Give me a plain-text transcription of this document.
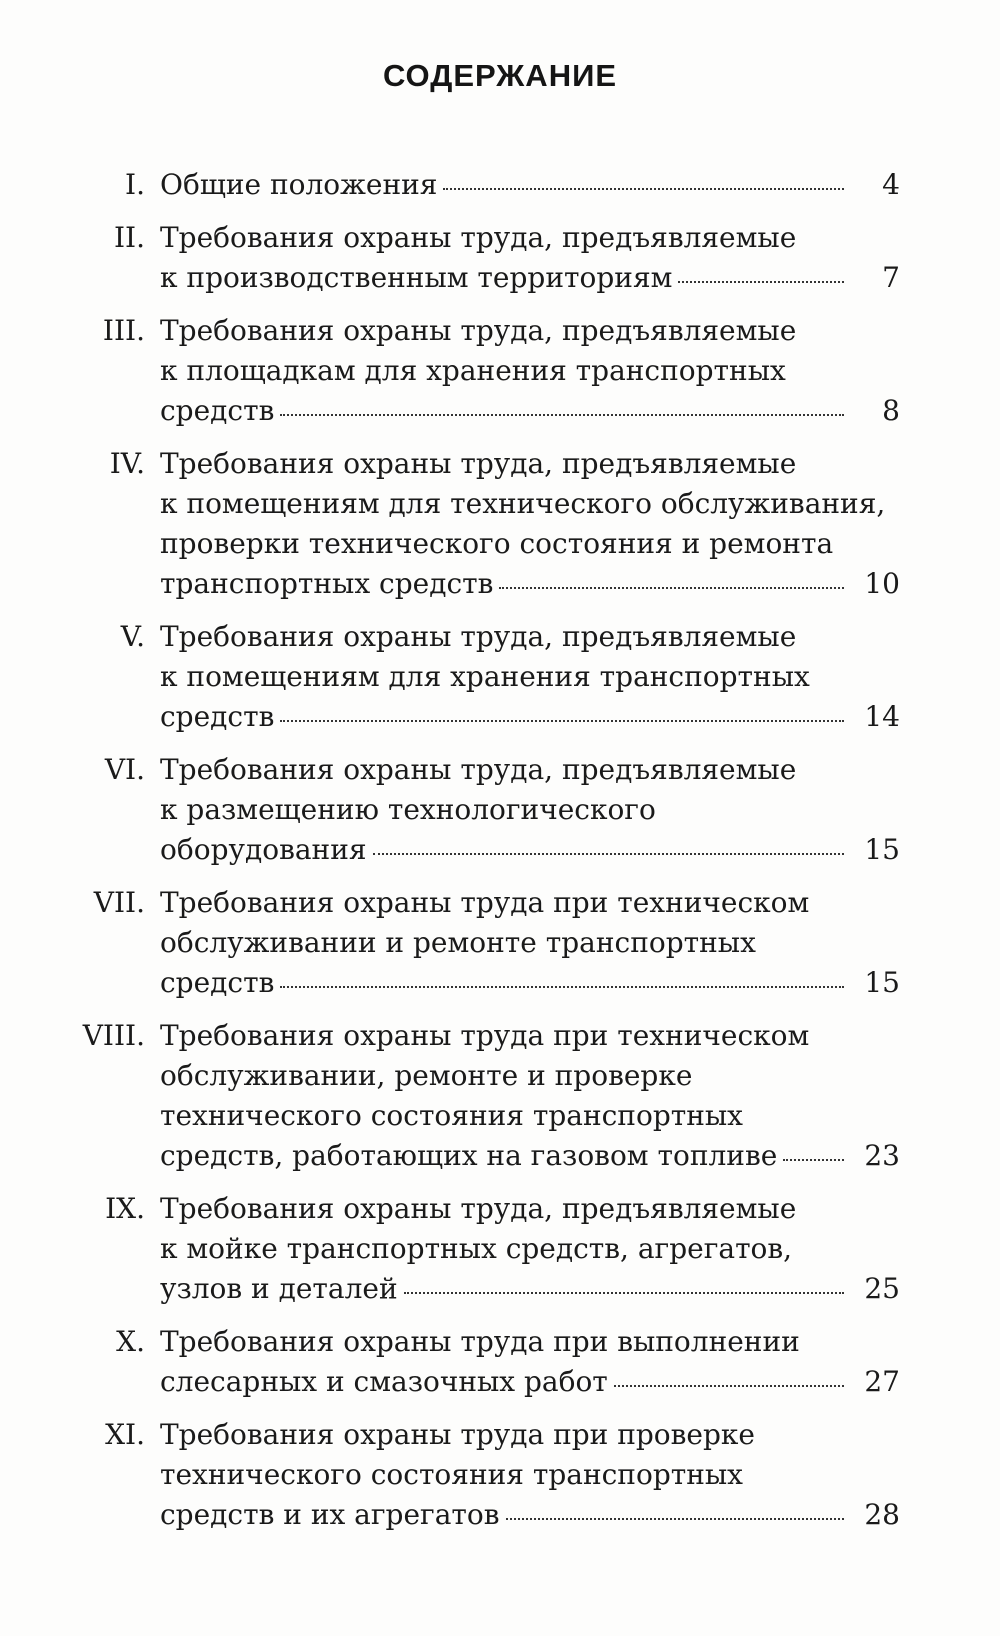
СОДЕРЖАНИЕ
I. Общие положения	4
II. Требования охраны труда, предъявляемые
к производственным территориям	7
III. Требования охраны труда, предъявляемые
к площадкам для хранения транспортных
средств	8
IV. Требования охраны труда, предъявляемые
к помещениям для технического обслуживания,
проверки технического состояния и ремонта
транспортных средств	10
V. Требования охраны труда, предъявляемые
к помещениям для хранения транспортных
средств	14
VI. Требования охраны труда, предъявляемые
к размещению технологического
оборудования	15
VII. Требования охраны труда при техническом
обслуживании и ремонте транспортных
средств	15
VIII. Требования охраны труда при техническом
обслуживании, ремонте и проверке
технического состояния транспортных
средств, работающих на газовом топливе	23
IX. Требования охраны труда, предъявляемые
к мойке транспортных средств, агрегатов,
узлов и деталей	25
X. Требования охраны труда при выполнении
слесарных и смазочных работ	27
XI. Требования охраны труда при проверке
технического состояния транспортных
средств и их агрегатов	28
